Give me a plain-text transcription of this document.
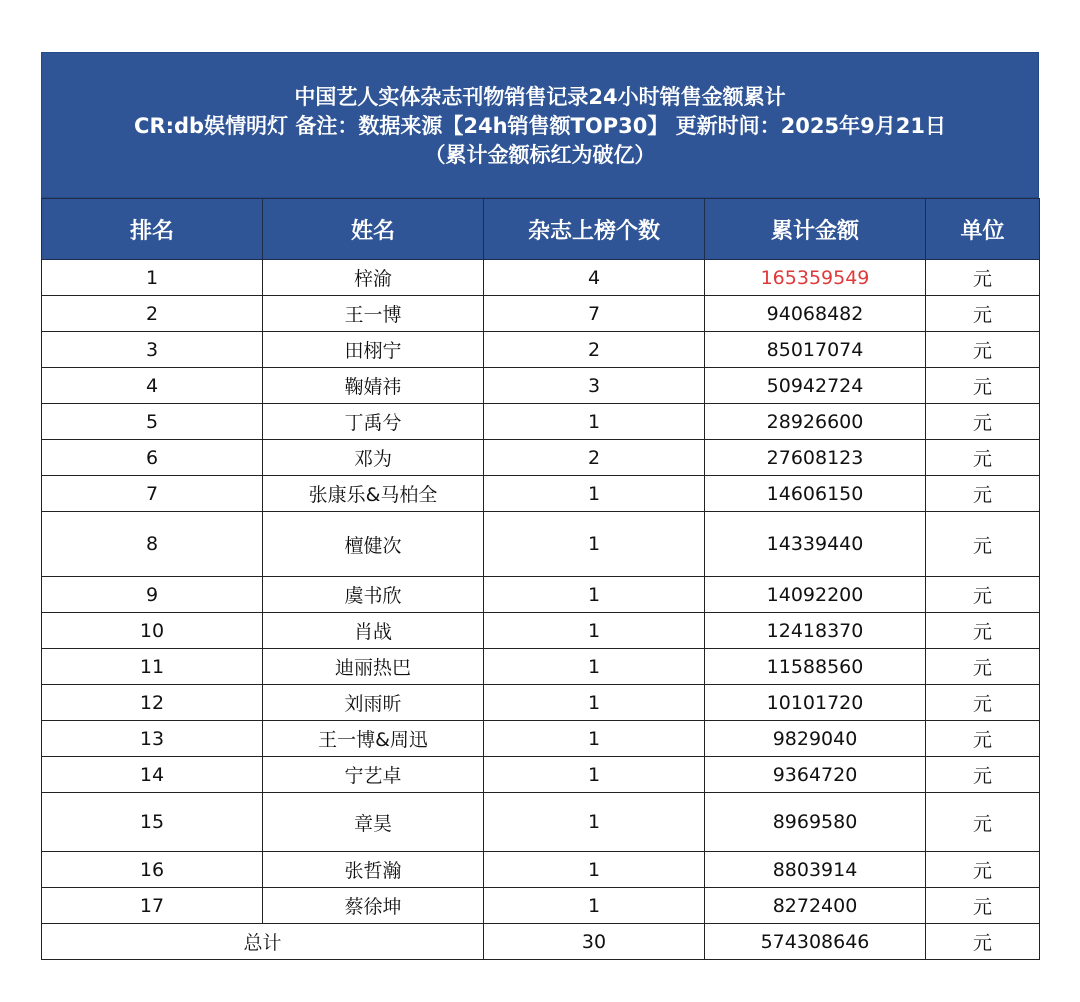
中国艺人实体杂志刊物销售记录24小时销售金额累计
CR:db娱情明灯 备注：数据来源【24h销售额TOP30】 更新时间：2025年9月21日
（累计金额标红为破亿）
排名	姓名	杂志上榜个数	累计金额	单位
1	梓渝	4	165359549	元
2	王一博	7	94068482	元
3	田栩宁	2	85017074	元
4	鞠婧祎	3	50942724	元
5	丁禹兮	1	28926600	元
6	邓为	2	27608123	元
7	张康乐&马柏全	1	14606150	元
8	檀健次	1	14339440	元
9	虞书欣	1	14092200	元
10	肖战	1	12418370	元
11	迪丽热巴	1	11588560	元
12	刘雨昕	1	10101720	元
13	王一博&周迅	1	9829040	元
14	宁艺卓	1	9364720	元
15	章昊	1	8969580	元
16	张哲瀚	1	8803914	元
17	蔡徐坤	1	8272400	元
总计		30	574308646	元
